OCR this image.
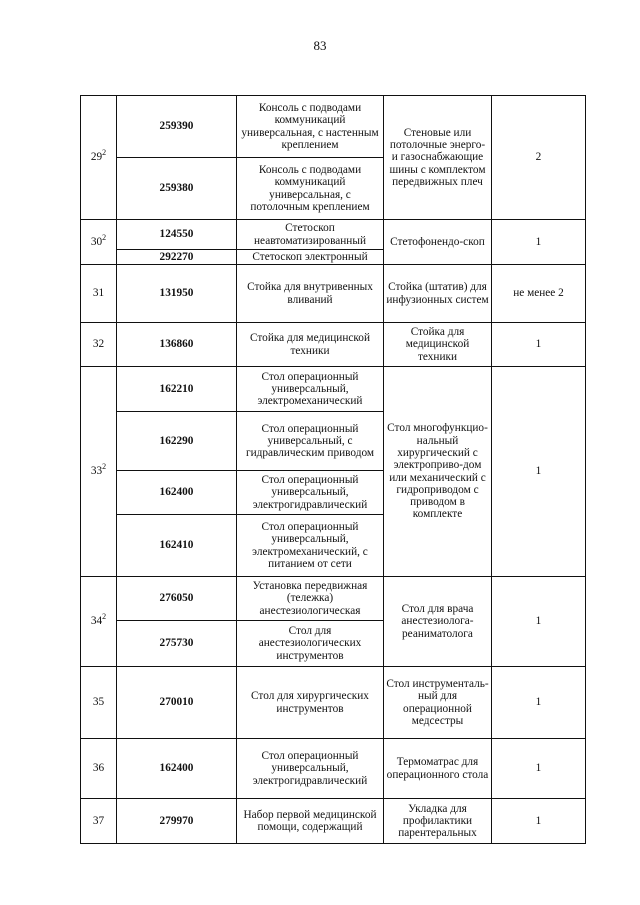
83
$29^2$	259390	Консоль с подводами коммуникаций универсальная, с настенным креплением	Стеновые или потолочные энерго- и газоснабжающие шины с комплектом передвижных плеч	2
	259380	Консоль с подводами коммуникаций универсальная, с потолочным креплением		
$30^2$	124550	Стетоскоп неавтоматизированный	Стетофонендо-скоп	1
	292270	Стетоскоп электронный		
31	131950	Стойка для внутривенных вливаний	Стойка (штатив) для инфузионных систем	не менее 2
32	136860	Стойка для медицинской техники	Стойка для медицинской техники	1
$33^2$	162210	Стол операционный универсальный, электромеханический	Стол многофункцио-нальный хирургический с электроприво-дом или механический с гидроприводом с приводом в комплекте	1
	162290	Стол операционный универсальный, с гидравлическим приводом		
	162400	Стол операционный универсальный, электрогидравлический		
	162410	Стол операционный универсальный, электромеханический, с питанием от сети		
$34^2$	276050	Установка передвижная (тележка) анестезиологическая	Стол для врача анестезиолога-реаниматолога	1
	275730	Стол для анестезиологических инструментов		
35	270010	Стол для хирургических инструментов	Стол инструменталь-ный для операционной медсестры	1
36	162400	Стол операционный универсальный, электрогидравлический	Термоматрас для операционного стола	1
37	279970	Набор первой медицинской помощи, содержащий	Укладка для профилактики парентеральных	1
